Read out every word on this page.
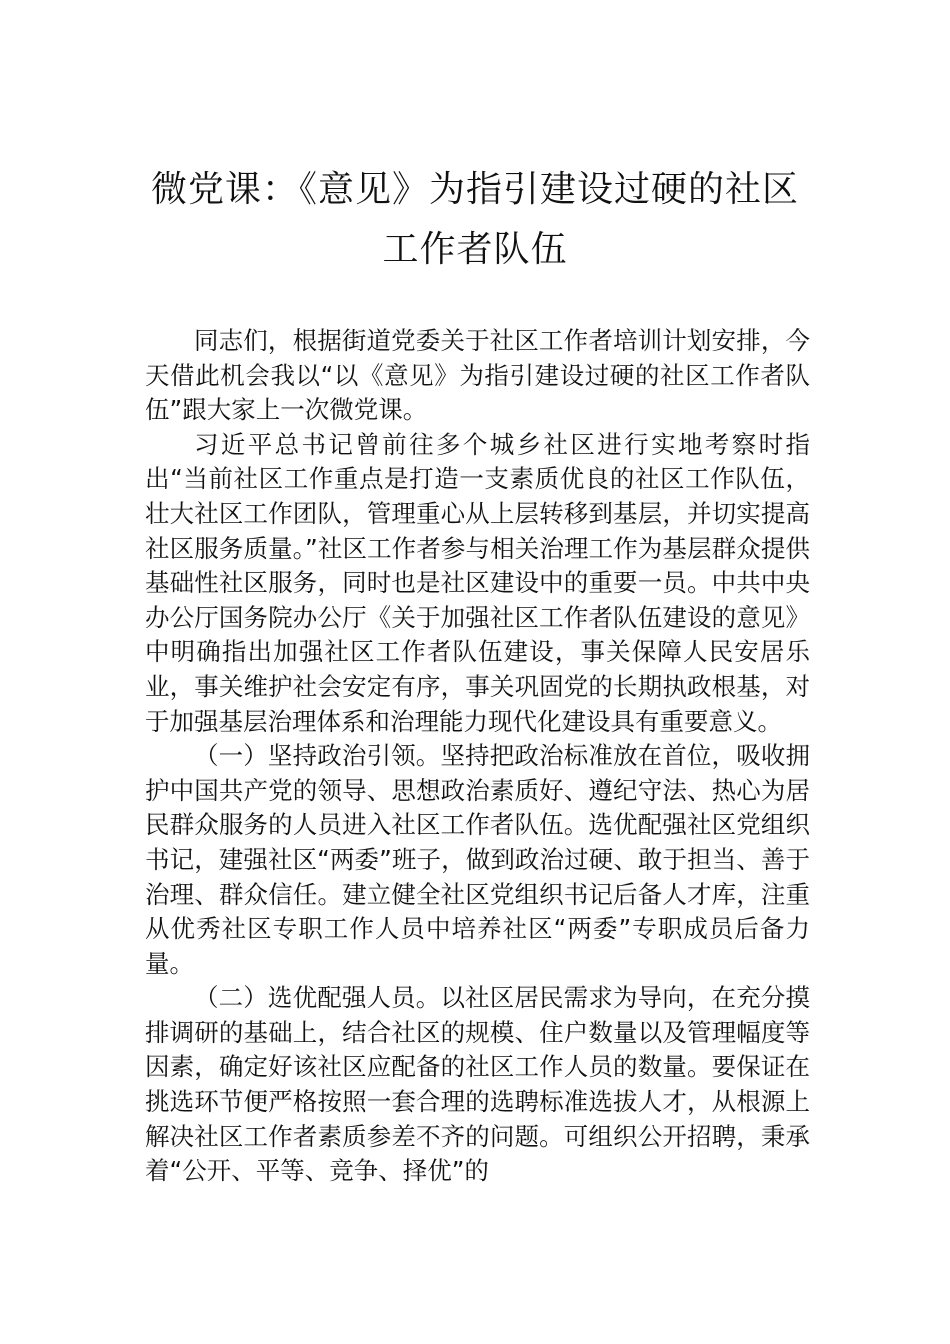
微党课：《意见》为指引建设过硬的社区
工作者队伍

同志们，根据街道党委关于社区工作者培训计划安排，今天借此机会我以“以《意见》为指引建设过硬的社区工作者队伍”跟大家上一次微党课。

习近平总书记曾前往多个城乡社区进行实地考察时指出“当前社区工作重点是打造一支素质优良的社区工作队伍，壮大社区工作团队，管理重心从上层转移到基层，并切实提高社区服务质量。”社区工作者参与相关治理工作为基层群众提供基础性社区服务，同时也是社区建设中的重要一员。中共中央办公厅国务院办公厅《关于加强社区工作者队伍建设的意见》中明确指出加强社区工作者队伍建设，事关保障人民安居乐业，事关维护社会安定有序，事关巩固党的长期执政根基，对于加强基层治理体系和治理能力现代化建设具有重要意义。

（一）坚持政治引领。坚持把政治标准放在首位，吸收拥护中国共产党的领导、思想政治素质好、遵纪守法、热心为居民群众服务的人员进入社区工作者队伍。选优配强社区党组织书记，建强社区“两委”班子，做到政治过硬、敢于担当、善于治理、群众信任。建立健全社区党组织书记后备人才库，注重从优秀社区专职工作人员中培养社区“两委”专职成员后备力量。

（二）选优配强人员。以社区居民需求为导向，在充分摸排调研的基础上，结合社区的规模、住户数量以及管理幅度等因素，确定好该社区应配备的社区工作人员的数量。要保证在挑选环节便严格按照一套合理的选聘标准选拔人才，从根源上解决社区工作者素质参差不齐的问题。可组织公开招聘，秉承着“公开、平等、竞争、择优”的
